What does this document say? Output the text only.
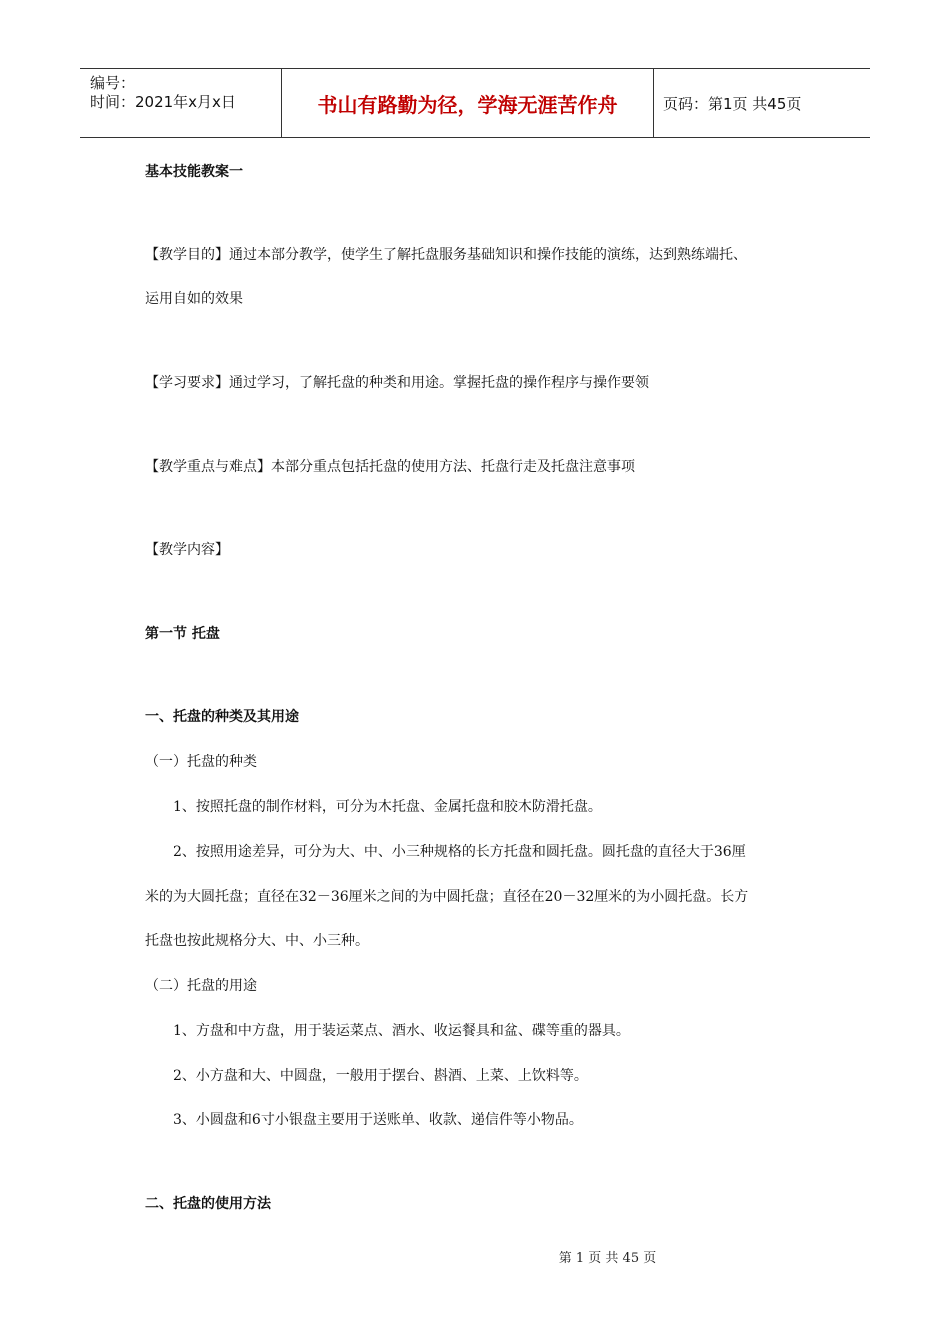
编号：
时间：2021年x月x日	书山有路勤为径，学海无涯苦作舟	页码：第1页 共45页
基本技能教案一
【教学目的】通过本部分教学，使学生了解托盘服务基础知识和操作技能的演练，达到熟练端托、
运用自如的效果
【学习要求】通过学习，了解托盘的种类和用途。掌握托盘的操作程序与操作要领
【教学重点与难点】本部分重点包括托盘的使用方法、托盘行走及托盘注意事项
【教学内容】
第一节 托盘
一、托盘的种类及其用途
（一）托盘的种类
1、按照托盘的制作材料，可分为木托盘、金属托盘和胶木防滑托盘。
2、按照用途差异，可分为大、中、小三种规格的长方托盘和圆托盘。圆托盘的直径大于36厘
米的为大圆托盘；直径在32－36厘米之间的为中圆托盘；直径在20－32厘米的为小圆托盘。长方
托盘也按此规格分大、中、小三种。
（二）托盘的用途
1、方盘和中方盘，用于装运菜点、酒水、收运餐具和盆、碟等重的器具。
2、小方盘和大、中圆盘，一般用于摆台、斟酒、上菜、上饮料等。
3、小圆盘和6寸小银盘主要用于送账单、收款、递信件等小物品。
二、托盘的使用方法
第 1 页 共 45 页
